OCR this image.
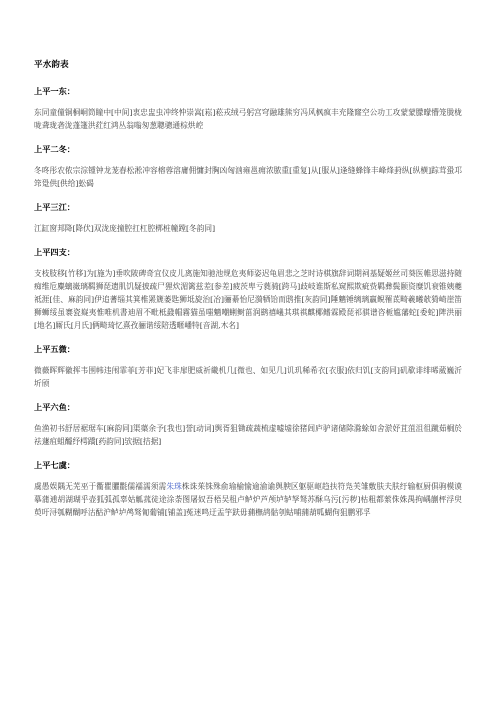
平水韵表
上平一东：
东同童僮铜桐峒筒瞳中[中间]衷忠盅虫冲终忡崇嵩[崧]菘戎绒弓躬宫穹融雄熊穷冯风枫疯丰充隆窿空公功工攻蒙蒙朦曚懵笼胧栊咙聋珑砻泷蓬篷洪荭红鸿丛翁嗡匆葱聰骢通棕烘崆
上平二冬：
冬咚彤农侬宗淙锺钟龙茏舂松淞冲容榕蓉溶庸佣慵封胸凶匈汹雍邕痈浓脓重[重复]从[服从]逢缝蜂锋丰峰烽葑纵[纵横]踪茸蛩邛筇跫供[供给]蚣碣
上平三江：
江缸窗邦降[降伏]双泷庞撞腔扛杠腔梆桩幢蹚[冬韵同]
上平四支：
支枝肢移[竹移]为[施为]垂吹陂碑奇宜仪皮儿离施知驰池规危夷师姿迟龟眉悲之芝时诗棋旗辞词期祠基疑姬丝司葵医帷思滋持随痴维卮麋螭嶶璃羁狮琵遗肌饥疑披疏尸狸炊湄篱兹差[参差]疲茨卑亏蕤骑[跨马]歧岐谁斯私窥熙欺疵赀羁彝鬓颐资糜饥衰锥姨夔祗涯[佳、麻韵同]伊追蓍缁其箕椎罴篪萎匙狮坻旋治[冶]骊綦怡尼漪牺饴而鸱推[灰韵同]陲魑锤缡璃羸鲵罹茋畸羲曦欹猗崎崖笛狮蛳绥虽褰瓷嶷夷惟唯机書迪眉不毗柢鼗帽霧猫虽嗤魑嘲蜊鲥菑润鹚禧嶬其琪祺麒椰鳍霖殿琵祁骐谱咨栀尴藩蛇[委蛇]陴洪丽[地名]厮氏[月氏]俩畸琦忆熹孜骊谐绥陪透暱嶓特[音湖,木名]
上平五微：
微薇晖辉徽挥韦围帏违闱霏菲[芳菲]妃飞非扉肥威祈畿机几[微也、如见几]讥玑稀希衣[衣服]依归饥[支韵同]矶欷诽绯晞葳巍沂圻颀
上平六鱼：
鱼渔初书舒居裾琚车[麻韵同]渠蕖余予[我也]誉[动词]舆胥狙锄疏蔬梳虚嘘墟徐猪闾庐驴诸储除滁蜍如舍淤妤苴菹沮徂蹴茹榈於祛蘧疽蛆醵纾樗蹻[药韵同]欤据[拮据]
上平七虞：
虞愚娱隅无芜巫于衢瞿臞氍儒襦濡须需朱珠株诛茱铢殊俞瑜榆愉逾渝谕舆腴区躯驱岖趋扶符凫芙雏敷肤夫肤纡输枢厨俱驹模谟摹蒲逋胡湖瑚乎壶狐弧孤辜姑觚菰徒途涂荼图屠奴吾梧吴租卢鲈炉芦颅垆轳孥驽苏酥乌污[污秽]枯粗都萦侏姝禺拘嵎蒯枰浮臾萸吁浔瓠糊醐呼沽酤沪鲈垆鸬驽匍葡铺[铺盖]菟迷鸣迂盂竽趺毋蒱橅鸪骷刳蛄哺蒱葫呱蝴佝狙鹏邪孚
